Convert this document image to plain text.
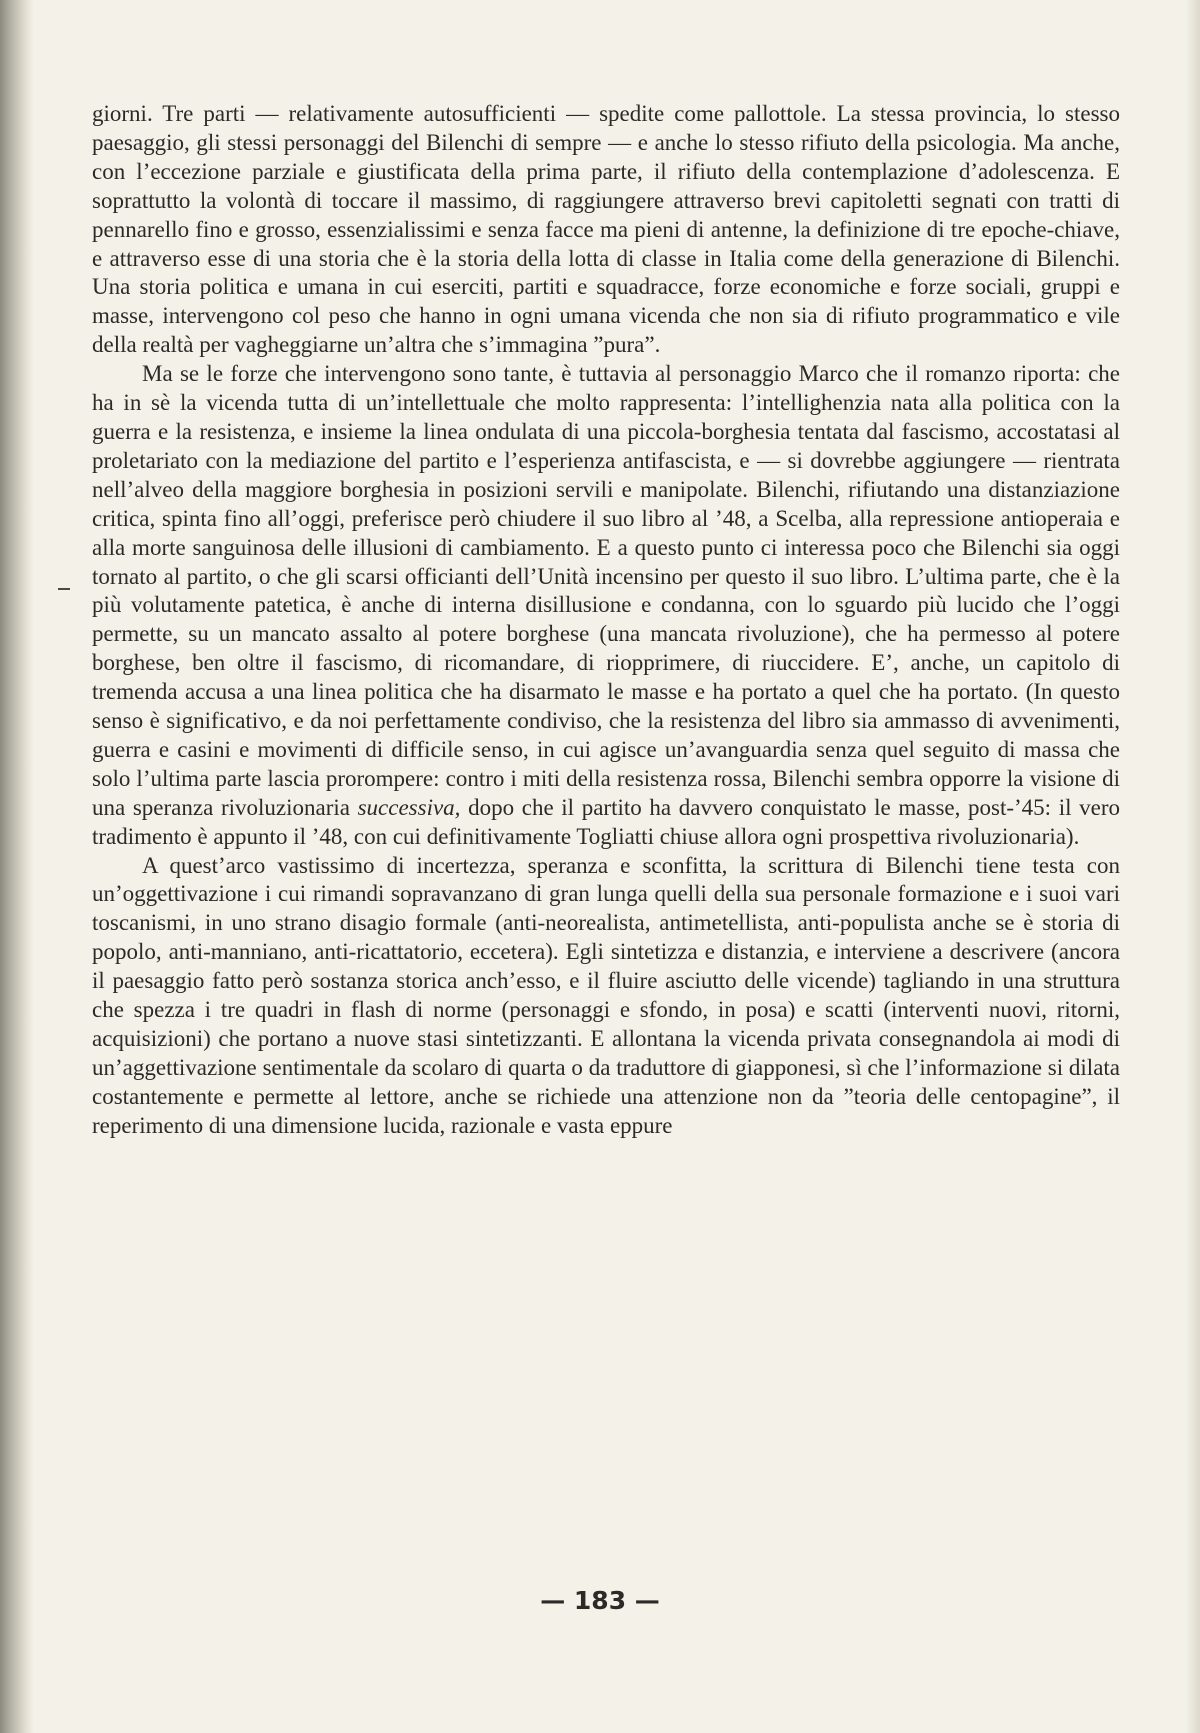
giorni. Tre parti — relativamente autosufficienti — spedite come pallottole. La stessa provincia, lo stesso paesaggio, gli stessi personaggi del Bilenchi di sempre — e anche lo stesso rifiuto della psicologia. Ma anche, con l’eccezione parziale e giustificata della prima parte, il rifiuto della contemplazione d’adolescenza. E soprattutto la volontà di toccare il massimo, di raggiungere attraverso brevi capitoletti segnati con tratti di pennarello fino e grosso, essenzialissimi e senza facce ma pieni di antenne, la definizione di tre epoche-chiave, e attraverso esse di una storia che è la storia della lotta di classe in Italia come della generazione di Bilenchi. Una storia politica e umana in cui eserciti, partiti e squadracce, forze economiche e forze sociali, gruppi e masse, intervengono col peso che hanno in ogni umana vicenda che non sia di rifiuto programmatico e vile della realtà per vagheggiarne un’altra che s’immagina ”pura”.

Ma se le forze che intervengono sono tante, è tuttavia al personaggio Marco che il romanzo riporta: che ha in sè la vicenda tutta di un’intellettuale che molto rappresenta: l’intellighenzia nata alla politica con la guerra e la resistenza, e insieme la linea ondulata di una piccola-borghesia tentata dal fascismo, accostatasi al proletariato con la mediazione del partito e l’esperienza antifascista, e — si dovrebbe aggiungere — rientrata nell’alveo della maggiore borghesia in posizioni servili e manipolate. Bilenchi, rifiutando una distanziazione critica, spinta fino all’oggi, preferisce però chiudere il suo libro al ’48, a Scelba, alla repressione antioperaia e alla morte sanguinosa delle illusioni di cambiamento. E a questo punto ci interessa poco che Bilenchi sia oggi tornato al partito, o che gli scarsi officianti dell’Unità incensino per questo il suo libro. L’ultima parte, che è la più volutamente patetica, è anche di interna disillusione e condanna, con lo sguardo più lucido che l’oggi permette, su un mancato assalto al potere borghese (una mancata rivoluzione), che ha permesso al potere borghese, ben oltre il fascismo, di ricomandare, di riopprimere, di riuccidere. E’, anche, un capitolo di tremenda accusa a una linea politica che ha disarmato le masse e ha portato a quel che ha portato. (In questo senso è significativo, e da noi perfettamente condiviso, che la resistenza del libro sia ammasso di avvenimenti, guerra e casini e movimenti di difficile senso, in cui agisce un’avanguardia senza quel seguito di massa che solo l’ultima parte lascia prorompere: contro i miti della resistenza rossa, Bilenchi sembra opporre la visione di una speranza rivoluzionaria successiva, dopo che il partito ha davvero conquistato le masse, post-’45: il vero tradimento è appunto il ’48, con cui definitivamente Togliatti chiuse allora ogni prospettiva rivoluzionaria).

A quest’arco vastissimo di incertezza, speranza e sconfitta, la scrittura di Bilenchi tiene testa con un’oggettivazione i cui rimandi sopravanzano di gran lunga quelli della sua personale formazione e i suoi vari toscanismi, in uno strano disagio formale (anti-neorealista, antimetellista, anti-populista anche se è storia di popolo, anti-manniano, anti-ricattatorio, eccetera). Egli sintetizza e distanzia, e interviene a descrivere (ancora il paesaggio fatto però sostanza storica anch’esso, e il fluire asciutto delle vicende) tagliando in una struttura che spezza i tre quadri in flash di norme (personaggi e sfondo, in posa) e scatti (interventi nuovi, ritorni, acquisizioni) che portano a nuove stasi sintetizzanti. E allontana la vicenda privata consegnandola ai modi di un’aggettivazione sentimentale da scolaro di quarta o da traduttore di giapponesi, sì che l’informazione si dilata costantemente e permette al lettore, anche se richiede una attenzione non da ”teoria delle centopagine”, il reperimento di una dimensione lucida, razionale e vasta eppure

— 183 —
